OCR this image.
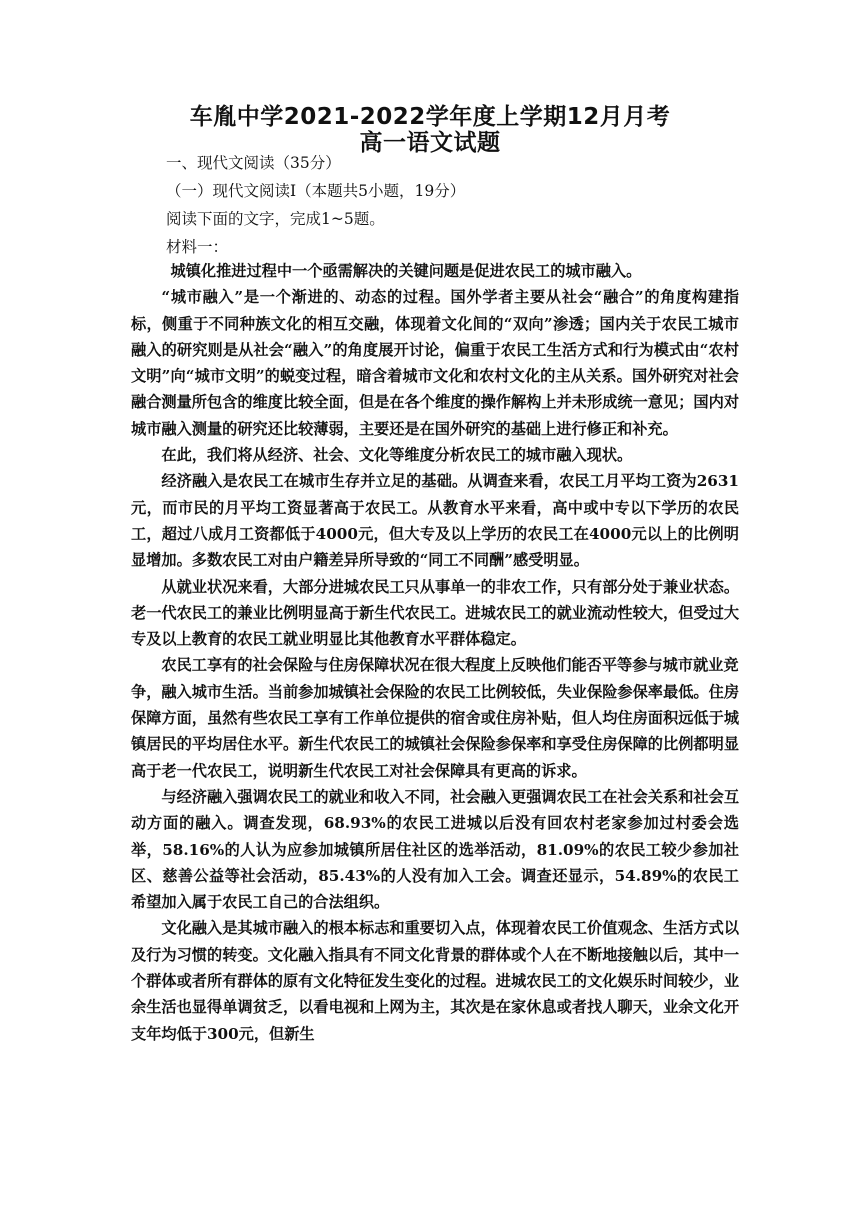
车胤中学2021-2022学年度上学期12月月考
高一语文试题
一、现代文阅读（35分）
（一）现代文阅读Ⅰ（本题共5小题，19分）
阅读下面的文字，完成1~5题。
材料一：

城镇化推进过程中一个亟需解决的关键问题是促进农民工的城市融入。

“城市融入”是一个渐进的、动态的过程。国外学者主要从社会“融合”的角度构建指标，侧重于不同种族文化的相互交融，体现着文化间的“双向”渗透；国内关于农民工城市融入的研究则是从社会“融入”的角度展开讨论，偏重于农民工生活方式和行为模式由“农村文明”向“城市文明”的蜕变过程，暗含着城市文化和农村文化的主从关系。国外研究对社会融合测量所包含的维度比较全面，但是在各个维度的操作解构上并未形成统一意见；国内对城市融入测量的研究还比较薄弱，主要还是在国外研究的基础上进行修正和补充。

在此，我们将从经济、社会、文化等维度分析农民工的城市融入现状。

经济融入是农民工在城市生存并立足的基础。从调查来看，农民工月平均工资为2631元，而市民的月平均工资显著高于农民工。从教育水平来看，高中或中专以下学历的农民工，超过八成月工资都低于4000元，但大专及以上学历的农民工在4000元以上的比例明显增加。多数农民工对由户籍差异所导致的“同工不同酬”感受明显。

从就业状况来看，大部分进城农民工只从事单一的非农工作，只有部分处于兼业状态。老一代农民工的兼业比例明显高于新生代农民工。进城农民工的就业流动性较大，但受过大专及以上教育的农民工就业明显比其他教育水平群体稳定。

农民工享有的社会保险与住房保障状况在很大程度上反映他们能否平等参与城市就业竞

争，融入城市生活。当前参加城镇社会保险的农民工比例较低，失业保险参保率最低。住房保障方面，虽然有些农民工享有工作单位提供的宿舍或住房补贴，但人均住房面积远低于城镇居民的平均居住水平。新生代农民工的城镇社会保险参保率和享受住房保障的比例都明显高于老一代农民工，说明新生代农民工对社会保障具有更高的诉求。

与经济融入强调农民工的就业和收入不同，社会融入更强调农民工在社会关系和社会互动方面的融入。调查发现，68.93%的农民工进城以后没有回农村老家参加过村委会选举，58.16%的人认为应参加城镇所居住社区的选举活动，81.09%的农民工较少参加社区、慈善公益等社会活动，85.43%的人没有加入工会。调查还显示，54.89%的农民工希望加入属于农民工自己的合法组织。

文化融入是其城市融入的根本标志和重要切入点，体现着农民工价值观念、生活方式以及行为习惯的转变。文化融入指具有不同文化背景的群体或个人在不断地接触以后，其中一个群体或者所有群体的原有文化特征发生变化的过程。进城农民工的文化娱乐时间较少，业余生活也显得单调贫乏，以看电视和上网为主，其次是在家休息或者找人聊天，业余文化开支年均低于300元，但新生
